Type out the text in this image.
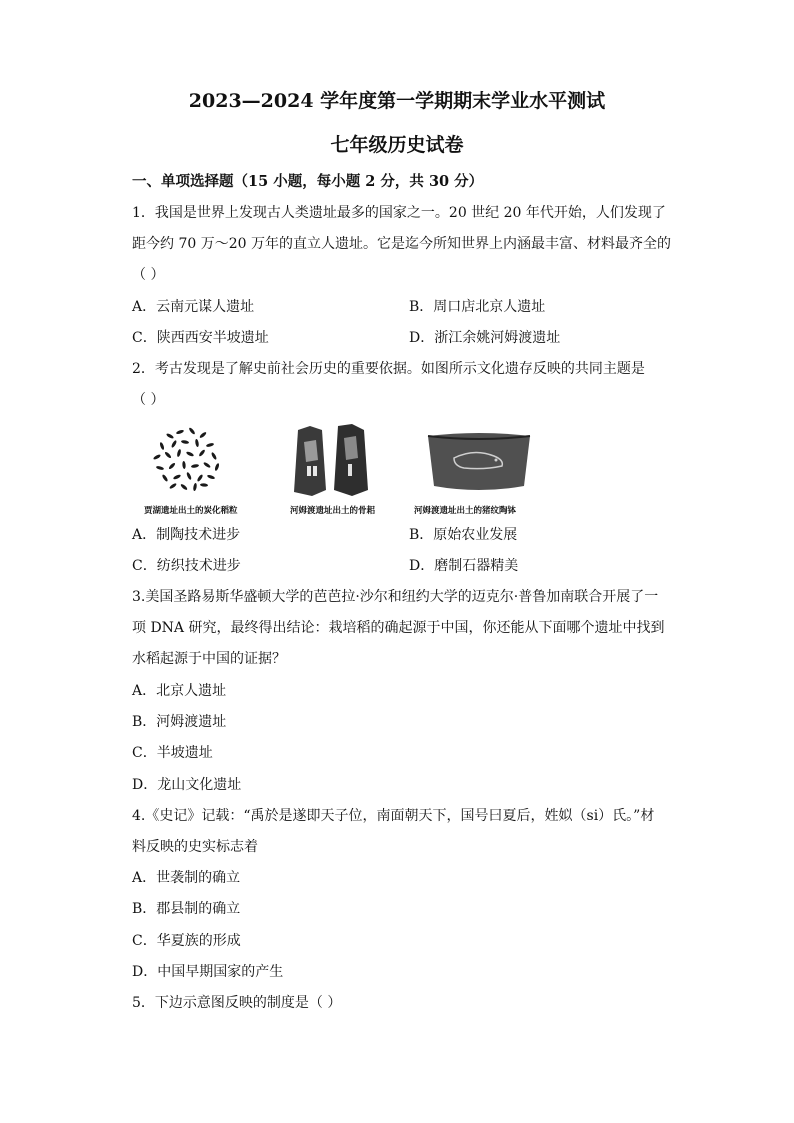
2023—2024 学年度第一学期期末学业水平测试
七年级历史试卷
一、单项选择题（15 小题，每小题 2 分，共 30 分）
1．我国是世界上发现古人类遗址最多的国家之一。20 世纪 20 年代开始，人们发现了
距今约 70 万～20 万年的直立人遗址。它是迄今所知世界上内涵最丰富、材料最齐全的
（ ）
A．云南元谋人遗址	B．周口店北京人遗址
C．陕西西安半坡遗址	D．浙江余姚河姆渡遗址
2．考古发现是了解史前社会历史的重要依据。如图所示文化遗存反映的共同主题是
（ ）
贾湖遗址出土的炭化稻粒	河姆渡遗址出土的骨耜	河姆渡遗址出土的猪纹陶钵
A．制陶技术进步	B．原始农业发展
C．纺织技术进步	D．磨制石器精美
3.美国圣路易斯华盛顿大学的芭芭拉·沙尔和纽约大学的迈克尔·普鲁加南联合开展了一
项 DNA 研究，最终得出结论：栽培稻的确起源于中国，你还能从下面哪个遗址中找到
水稻起源于中国的证据？
A．北京人遗址
B．河姆渡遗址
C．半坡遗址
D．龙山文化遗址
4.《史记》记载：“禹於是遂即天子位，南面朝天下，国号曰夏后，姓姒（si）氏。”材
料反映的史实标志着
A．世袭制的确立
B．郡县制的确立
C．华夏族的形成
D．中国早期国家的产生
5．下边示意图反映的制度是（ ）
